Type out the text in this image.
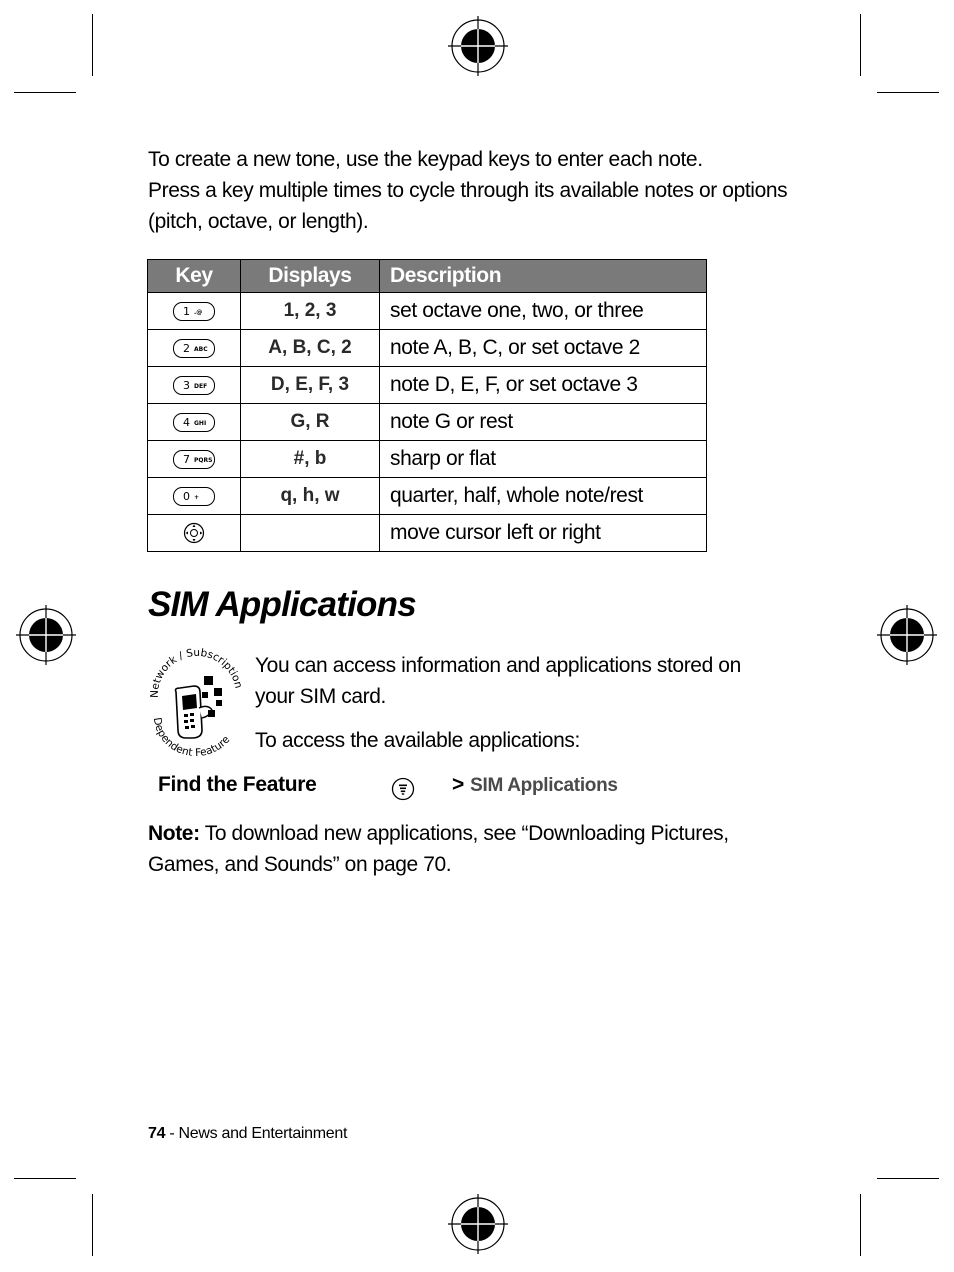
To create a new tone, use the keypad keys to enter each note.

Press a key multiple times to cycle through its available notes or options (pitch, octave, or length).

Key	Displays	Description

1 .@	1, 2, 3	set octave one, two, or three

2 ABC	A, B, C, 2	note A, B, C, or set octave 2

3 DEF	D, E, F, 3	note D, E, F, or set octave 3

4 GHI	G, R	note G or rest

7 PQRS	#, b	sharp or flat

0 +	q, h, w	quarter, half, whole note/rest
		move cursor left or right
SIM Applications
Network / Subscription
Dependent Feature

You can access information and applications stored on your SIM card.

To access the available applications:

Find the Feature	> SIM Applications

Note: To download new applications, see “Downloading Pictures, Games, and Sounds” on page 70.

74 - News and Entertainment
